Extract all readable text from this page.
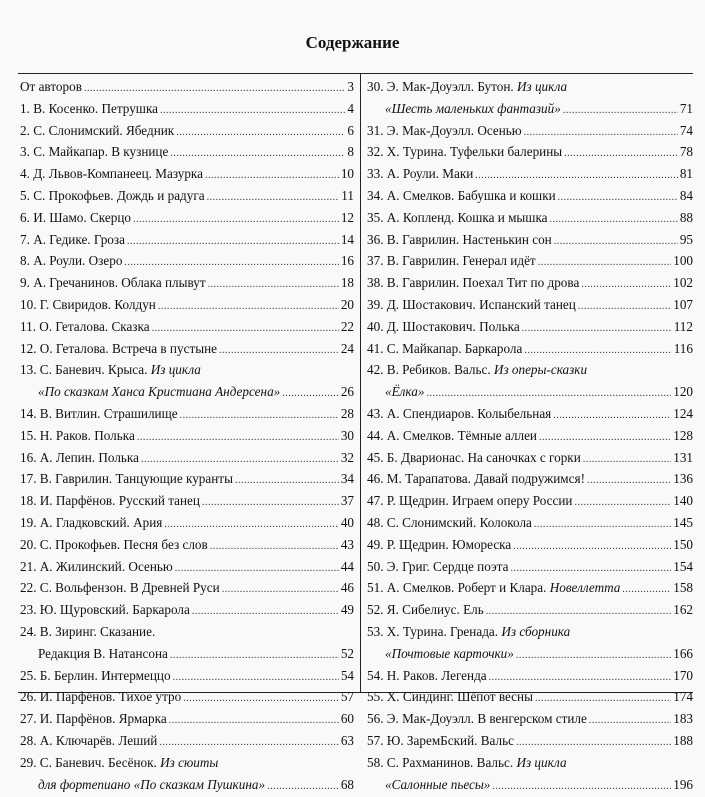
Содержание
От авторов . . .	3
1. В. Косенко. Петрушка . . .	4
2. С. Слонимский. Ябедник . . .	6
3. С. Майкапар. В кузнице . . .	8
4. Д. Львов-Компанеец. Мазурка . . .	10
5. С. Прокофьев. Дождь и радуга . . .	11
6. И. Шамо. Скерцо . . .	12
7. А. Гедике. Гроза . . .	14
8. А. Роули. Озеро . . .	16
9. А. Гречанинов. Облака плывут . . .	18
10. Г. Свиридов. Колдун . . .	20
11. О. Геталова. Сказка . . .	22
12. О. Геталова. Встреча в пустыне . . .	24
13. С. Баневич. Крыса. Из цикла
«По сказкам Ханса Кристиана Андерсена» . . .	26
14. В. Витлин. Страшилище . . .	28
15. Н. Раков. Полька . . .	30
16. А. Лепин. Полька . . .	32
17. В. Гаврилин. Танцующие куранты . . .	34
18. И. Парфёнов. Русский танец . . .	37
19. А. Гладковский. Ария . . .	40
20. С. Прокофьев. Песня без слов . . .	43
21. А. Жилинский. Осенью . . .	44
22. С. Вольфензон. В Древней Руси . . .	46
23. Ю. Щуровский. Баркарола . . .	49
24. В. Зиринг. Сказание.
Редакция В. Натансона . . .	52
25. Б. Берлин. Интермеццо . . .	54
26. И. Парфёнов. Тихое утро . . .	57
27. И. Парфёнов. Ярмарка . . .	60
28. А. Ключарёв. Леший . . .	63
29. С. Баневич. Бесёнок. Из сюиты
для фортепиано «По сказкам Пушкина» . . .	68
30. Э. Мак-Доуэлл. Бутон. Из цикла
«Шесть маленьких фантазий» . . .	71
31. Э. Мак-Доуэлл. Осенью . . .	74
32. Х. Турина. Туфельки балерины . . .	78
33. А. Роули. Маки . . .	81
34. А. Смелков. Бабушка и кошки . . .	84
35. А. Копленд. Кошка и мышка . . .	88
36. В. Гаврилин. Настенькин сон . . .	95
37. В. Гаврилин. Генерал идёт . . .	100
38. В. Гаврилин. Поехал Тит по дрова . . .	102
39. Д. Шостакович. Испанский танец . . .	107
40. Д. Шостакович. Полька . . .	112
41. С. Майкапар. Баркарола . . .	116
42. В. Ребиков. Вальс. Из оперы-сказки
«Ёлка» . . .	120
43. А. Спендиаров. Колыбельная . . .	124
44. А. Смелков. Тёмные аллеи . . .	128
45. Б. Дварионас. На саночках с горки . . .	131
46. М. Тарапатова. Давай подружимся! . . .	136
47. Р. Щедрин. Играем оперу России . . .	140
48. С. Слонимский. Колокола . . .	145
49. Р. Щедрин. Юмореска . . .	150
50. Э. Григ. Сердце поэта . . .	154
51. А. Смелков. Роберт и Клара. Новеллетта . . .	158
52. Я. Сибелиус. Ель . . .	162
53. Х. Турина. Гренада. Из сборника
«Почтовые карточки» . . .	166
54. Н. Раков. Легенда . . .	170
55. Х. Синдинг. Шёпот весны . . .	174
56. Э. Мак-Доуэлл. В венгерском стиле . . .	183
57. Ю. ЗаремБский. Вальс . . .	188
58. С. Рахманинов. Вальс. Из цикла
«Салонные пьесы» . . .	196
